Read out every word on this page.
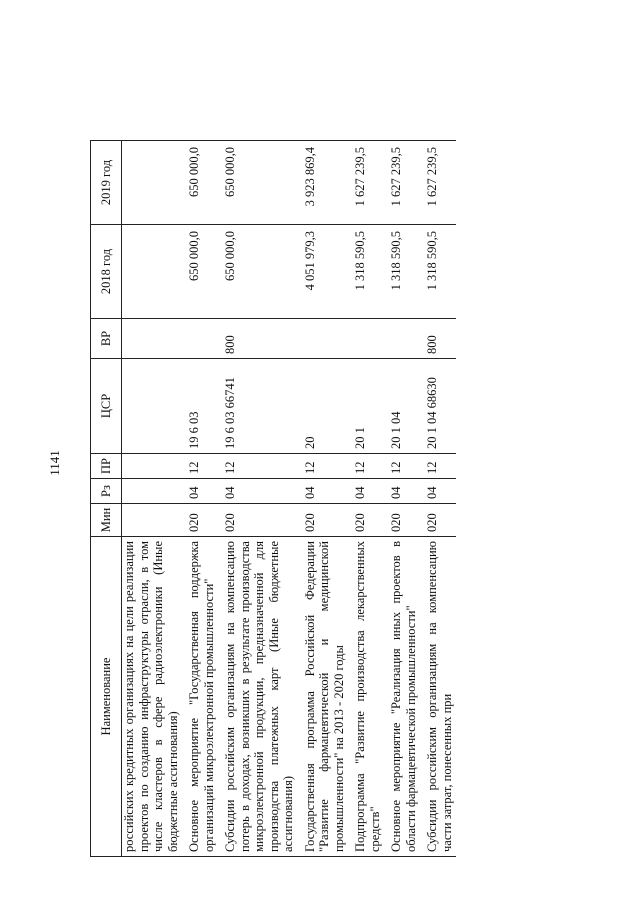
1141
Наименование	Мин	Рз	ПР	ЦСР	ВР	2018 год	2019 год
российских кредитных организациях на цели реализации проектов по созданию инфраструктуры отрасли, в том числе кластеров в сфере радиоэлектроники (Иные бюджетные ассигнования)							
Основное мероприятие "Государственная поддержка организаций микроэлектронной промышленности"	020	04	12	19 6 03		650 000,0	650 000,0
Субсидии российским организациям на компенсацию потерь в доходах, возникших в результате производства микроэлектронной продукции, предназначенной для производства платежных карт (Иные бюджетные ассигнования)	020	04	12	19 6 03 66741	800	650 000,0	650 000,0
Государственная программа Российской Федерации "Развитие фармацевтической и медицинской промышленности" на 2013 - 2020 годы	020	04	12	20		4 051 979,3	3 923 869,4
Подпрограмма "Развитие производства лекарственных средств"	020	04	12	20 1		1 318 590,5	1 627 239,5
Основное мероприятие "Реализация иных проектов в области фармацевтической промышленности"	020	04	12	20 1 04		1 318 590,5	1 627 239,5
Субсидии российским организациям на компенсацию части затрат, понесенных при	020	04	12	20 1 04 68630	800	1 318 590,5	1 627 239,5
